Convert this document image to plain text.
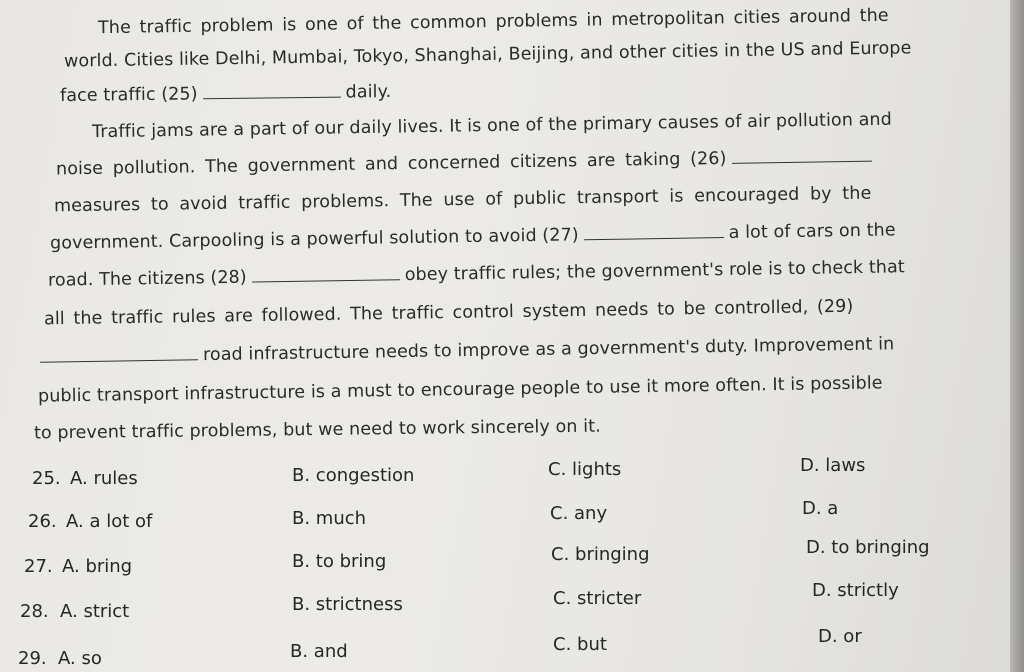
The traffic problem is one of the common problems in metropolitan cities around the
world. Cities like Delhi, Mumbai, Tokyo, Shanghai, Beijing, and other cities in the US and Europe
face traffic (25)	daily.
Traffic jams are a part of our daily lives. It is one of the primary causes of air pollution and
noise pollution. The government and concerned citizens are taking (26)
measures to avoid traffic problems. The use of public transport is encouraged by the
government. Carpooling is a powerful solution to avoid (27)	a lot of cars on the
road. The citizens (28)	obey traffic rules; the government's role is to check that
all the traffic rules are followed. The traffic control system needs to be controlled, (29)
road infrastructure needs to improve as a government's duty. Improvement in
public transport infrastructure is a must to encourage people to use it more often. It is possible
to prevent traffic problems, but we need to work sincerely on it.
25. A. rules	B. congestion	C. lights	D. laws
26. A. a lot of	B. much	C. any	D. a
27. A. bring	B. to bring	C. bringing	D. to bringing
28. A. strict	B. strictness	C. stricter	D. strictly
29. A. so	B. and	C. but	D. or
